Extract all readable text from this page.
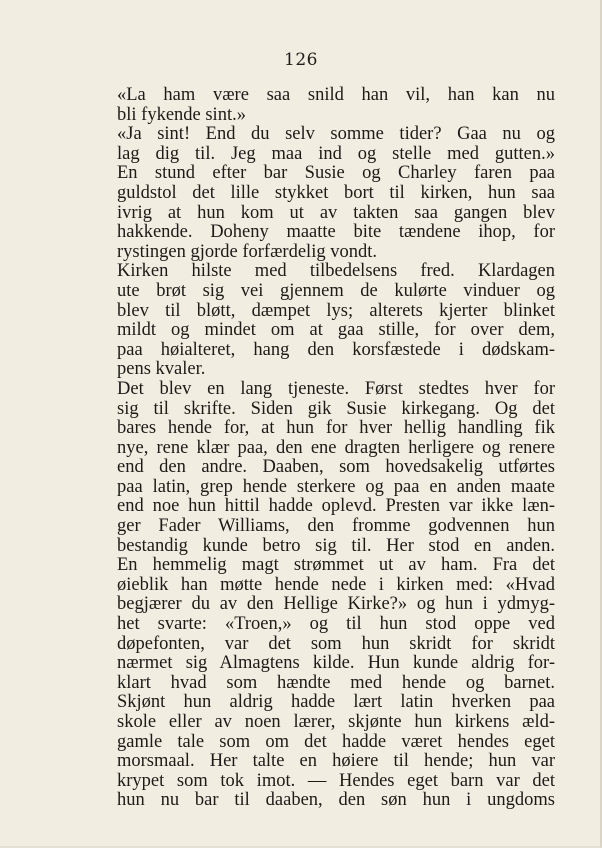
126
«La ham være saa snild han vil, han kan nu
bli fykende sint.»
«Ja sint! End du selv somme tider? Gaa nu og
lag dig til. Jeg maa ind og stelle med gutten.»
En stund efter bar Susie og Charley faren paa
guldstol det lille stykket bort til kirken, hun saa
ivrig at hun kom ut av takten saa gangen blev
hakkende. Doheny maatte bite tændene ihop, for
rystingen gjorde forfærdelig vondt.
Kirken hilste med tilbedelsens fred. Klardagen
ute brøt sig vei gjennem de kulørte vinduer og
blev til bløtt, dæmpet lys; alterets kjerter blinket
mildt og mindet om at gaa stille, for over dem,
paa høialteret, hang den korsfæstede i dødskam-
pens kvaler.
Det blev en lang tjeneste. Først stedtes hver for
sig til skrifte. Siden gik Susie kirkegang. Og det
bares hende for, at hun for hver hellig handling fik
nye, rene klær paa, den ene dragten herligere og renere
end den andre. Daaben, som hovedsakelig utførtes
paa latin, grep hende sterkere og paa en anden maate
end noe hun hittil hadde oplevd. Presten var ikke læn-
ger Fader Williams, den fromme godvennen hun
bestandig kunde betro sig til. Her stod en anden.
En hemmelig magt strømmet ut av ham. Fra det
øieblik han møtte hende nede i kirken med: «Hvad
begjærer du av den Hellige Kirke?» og hun i ydmyg-
het svarte: «Troen,» og til hun stod oppe ved
døpefonten, var det som hun skridt for skridt
nærmet sig Almagtens kilde. Hun kunde aldrig for-
klart hvad som hændte med hende og barnet.
Skjønt hun aldrig hadde lært latin hverken paa
skole eller av noen lærer, skjønte hun kirkens æld-
gamle tale som om det hadde været hendes eget
morsmaal. Her talte en høiere til hende; hun var
krypet som tok imot. — Hendes eget barn var det
hun nu bar til daaben, den søn hun i ungdoms
